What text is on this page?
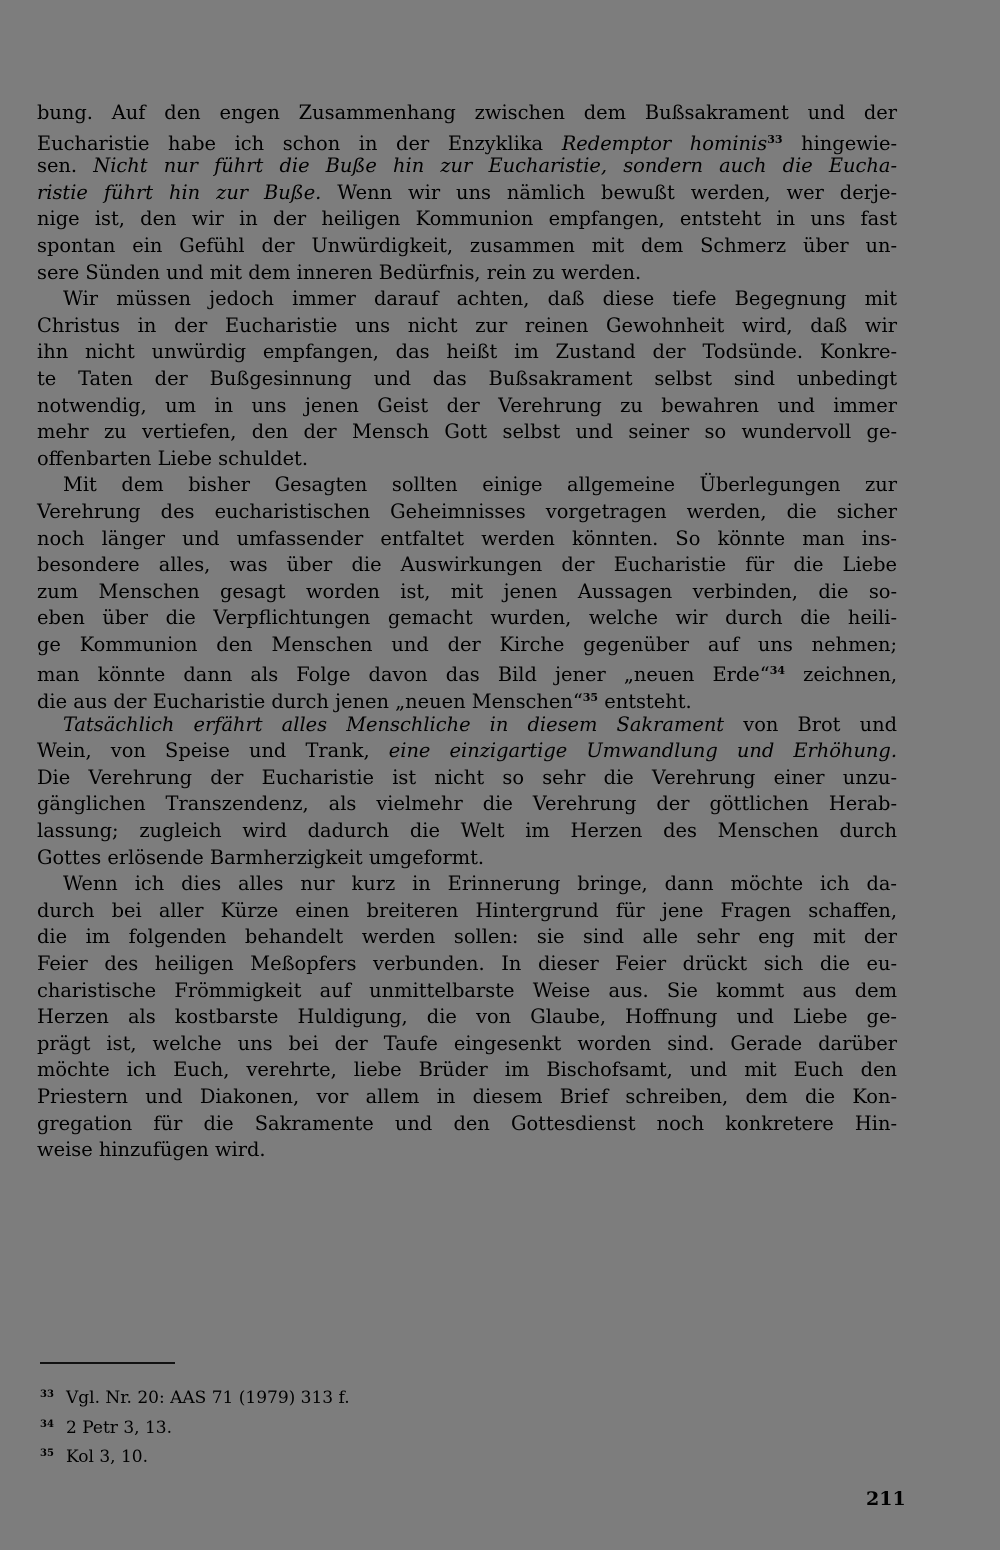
bung. Auf den engen Zusammenhang zwischen dem Bußsakrament und der
Eucharistie habe ich schon in der Enzyklika Redemptor hominis$^{33}$ hingewie-
sen. Nicht nur führt die Buße hin zur Eucharistie, sondern auch die Eucha-
ristie führt hin zur Buße. Wenn wir uns nämlich bewußt werden, wer derje-
nige ist, den wir in der heiligen Kommunion empfangen, entsteht in uns fast
spontan ein Gefühl der Unwürdigkeit, zusammen mit dem Schmerz über un-
sere Sünden und mit dem inneren Bedürfnis, rein zu werden.
Wir müssen jedoch immer darauf achten, daß diese tiefe Begegnung mit
Christus in der Eucharistie uns nicht zur reinen Gewohnheit wird, daß wir
ihn nicht unwürdig empfangen, das heißt im Zustand der Todsünde. Konkre-
te Taten der Bußgesinnung und das Bußsakrament selbst sind unbedingt
notwendig, um in uns jenen Geist der Verehrung zu bewahren und immer
mehr zu vertiefen, den der Mensch Gott selbst und seiner so wundervoll ge-
offenbarten Liebe schuldet.
Mit dem bisher Gesagten sollten einige allgemeine Überlegungen zur
Verehrung des eucharistischen Geheimnisses vorgetragen werden, die sicher
noch länger und umfassender entfaltet werden könnten. So könnte man ins-
besondere alles, was über die Auswirkungen der Eucharistie für die Liebe
zum Menschen gesagt worden ist, mit jenen Aussagen verbinden, die so-
eben über die Verpflichtungen gemacht wurden, welche wir durch die heili-
ge Kommunion den Menschen und der Kirche gegenüber auf uns nehmen;
man könnte dann als Folge davon das Bild jener „neuen Erde“$^{34}$ zeichnen,
die aus der Eucharistie durch jenen „neuen Menschen“$^{35}$ entsteht.
Tatsächlich erfährt alles Menschliche in diesem Sakrament von Brot und
Wein, von Speise und Trank, eine einzigartige Umwandlung und Erhöhung.
Die Verehrung der Eucharistie ist nicht so sehr die Verehrung einer unzu-
gänglichen Transzendenz, als vielmehr die Verehrung der göttlichen Herab-
lassung; zugleich wird dadurch die Welt im Herzen des Menschen durch
Gottes erlösende Barmherzigkeit umgeformt.
Wenn ich dies alles nur kurz in Erinnerung bringe, dann möchte ich da-
durch bei aller Kürze einen breiteren Hintergrund für jene Fragen schaffen,
die im folgenden behandelt werden sollen: sie sind alle sehr eng mit der
Feier des heiligen Meßopfers verbunden. In dieser Feier drückt sich die eu-
charistische Frömmigkeit auf unmittelbarste Weise aus. Sie kommt aus dem
Herzen als kostbarste Huldigung, die von Glaube, Hoffnung und Liebe ge-
prägt ist, welche uns bei der Taufe eingesenkt worden sind. Gerade darüber
möchte ich Euch, verehrte, liebe Brüder im Bischofsamt, und mit Euch den
Priestern und Diakonen, vor allem in diesem Brief schreiben, dem die Kon-
gregation für die Sakramente und den Gottesdienst noch konkretere Hin-
weise hinzufügen wird.
33 Vgl. Nr. 20: AAS 71 (1979) 313 f.
34 2 Petr 3, 13.
35 Kol 3, 10.
211
